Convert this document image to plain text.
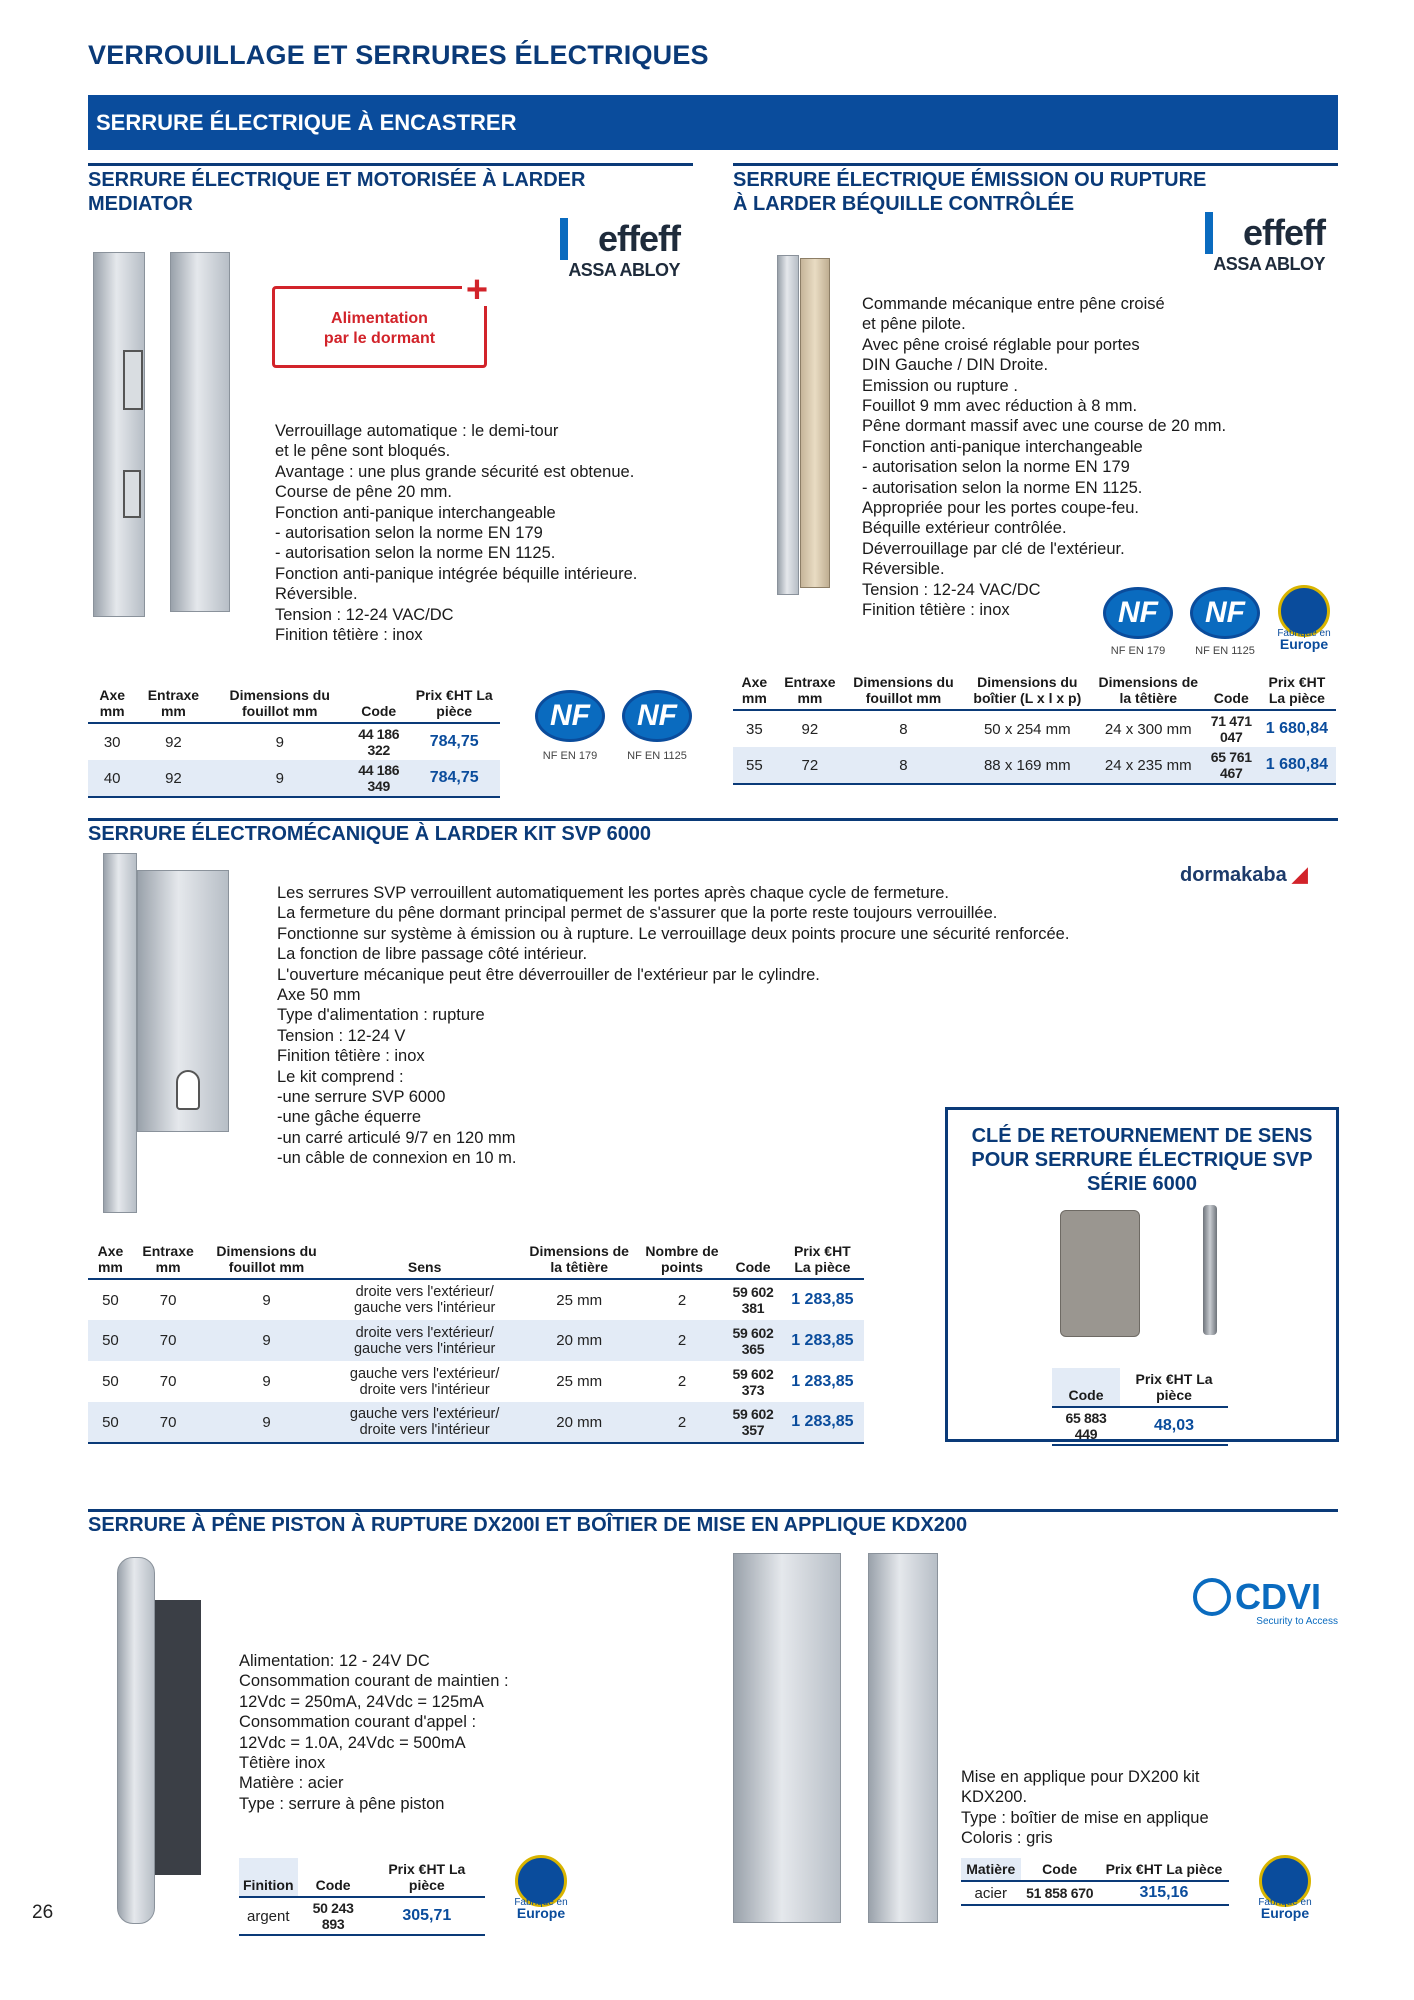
VERROUILLAGE ET SERRURES ÉLECTRIQUES
SERRURE ÉLECTRIQUE À ENCASTRER
SERRURE ÉLECTRIQUE ET MOTORISÉE À LARDER
MEDIATOR
effeff
ASSA ABLOY
Alimentation
par le dormant
+
Verrouillage automatique : le demi-tour
et le pêne sont bloqués.
Avantage : une plus grande sécurité est obtenue.
Course de pêne 20 mm.
Fonction anti-panique interchangeable
- autorisation selon la norme EN 179
- autorisation selon la norme EN 1125.
Fonction anti-panique intégrée béquille intérieure.
Réversible.
Tension : 12-24 VAC/DC
Finition têtière : inox
Axe mm	Entraxe mm	Dimensions du fouillot mm	Code	Prix €HT La pièce
30	92	9	44 186 322	784,75
40	92	9	44 186 349	784,75
NF
NF EN 179
NF
NF EN 1125
SERRURE ÉLECTRIQUE ÉMISSION OU RUPTURE
À LARDER BÉQUILLE CONTRÔLÉE
effeff
ASSA ABLOY
Commande mécanique entre pêne croisé
et pêne pilote.
Avec pêne croisé réglable pour portes
DIN Gauche / DIN Droite.
Emission ou rupture .
Fouillot 9 mm avec réduction à 8 mm.
Pêne dormant massif avec une course de 20 mm.
Fonction anti-panique interchangeable
- autorisation selon la norme EN 179
- autorisation selon la norme EN 1125.
Appropriée pour les portes coupe-feu.
Béquille extérieur contrôlée.
Déverrouillage par clé de l'extérieur.
Réversible.
Tension : 12-24 VAC/DC
Finition têtière : inox	NF
NF EN 179
NF
NF EN 1125
Fabriqué en
Europe
Axe mm	Entraxe mm	Dimensions du fouillot mm	Dimensions du boîtier (L x l x p)	Dimensions de la têtière	Code	Prix €HT La pièce
35	92	8	50 x 254 mm	24 x 300 mm	71 471 047	1 680,84
55	72	8	88 x 169 mm	24 x 235 mm	65 761 467	1 680,84
SERRURE ÉLECTROMÉCANIQUE À LARDER KIT SVP 6000
dormakaba ◢
Les serrures SVP verrouillent automatiquement les portes après chaque cycle de fermeture.
La fermeture du pêne dormant principal permet de s'assurer que la porte reste toujours verrouillée.
Fonctionne sur système à émission ou à rupture. Le verrouillage deux points procure une sécurité renforcée.
La fonction de libre passage côté intérieur.
L'ouverture mécanique peut être déverrouiller de l'extérieur par le cylindre.
Axe 50 mm
Type d'alimentation : rupture
Tension : 12-24 V
Finition têtière : inox
Le kit comprend :
-une serrure SVP 6000
-une gâche équerre
-un carré articulé 9/7 en 120 mm
-un câble de connexion en 10 m.
Axe mm	Entraxe mm	Dimensions du fouillot mm	Sens	Dimensions de la têtière	Nombre de points	Code	Prix €HT La pièce
50	70	9	droite vers l'extérieur/
gauche vers l'intérieur	25 mm	2	59 602 381	1 283,85
50	70	9	droite vers l'extérieur/
gauche vers l'intérieur	20 mm	2	59 602 365	1 283,85
50	70	9	gauche vers l'extérieur/
droite vers l'intérieur	25 mm	2	59 602 373	1 283,85
50	70	9	gauche vers l'extérieur/
droite vers l'intérieur	20 mm	2	59 602 357	1 283,85
CLÉ DE RETOURNEMENT DE SENS
POUR SERRURE ÉLECTRIQUE SVP
SÉRIE 6000
Code	Prix €HT La pièce
65 883 449	48,03
SERRURE À PÊNE PISTON À RUPTURE DX200I ET BOÎTIER DE MISE EN APPLIQUE KDX200
CDVI
Security to Access
Alimentation: 12 - 24V DC
Consommation courant de maintien :
12Vdc = 250mA, 24Vdc = 125mA
Consommation courant d'appel :
12Vdc = 1.0A, 24Vdc = 500mA
Têtière inox
Matière : acier
Type : serrure à pêne piston
Finition	Code	Prix €HT La pièce
argent	50 243 893	305,71
Fabriqué en
Europe
Mise en applique pour DX200 kit
KDX200.
Type : boîtier de mise en applique
Coloris : gris
Matière	Code	Prix €HT La pièce
acier	51 858 670	315,16
Fabriqué en
Europe
26
